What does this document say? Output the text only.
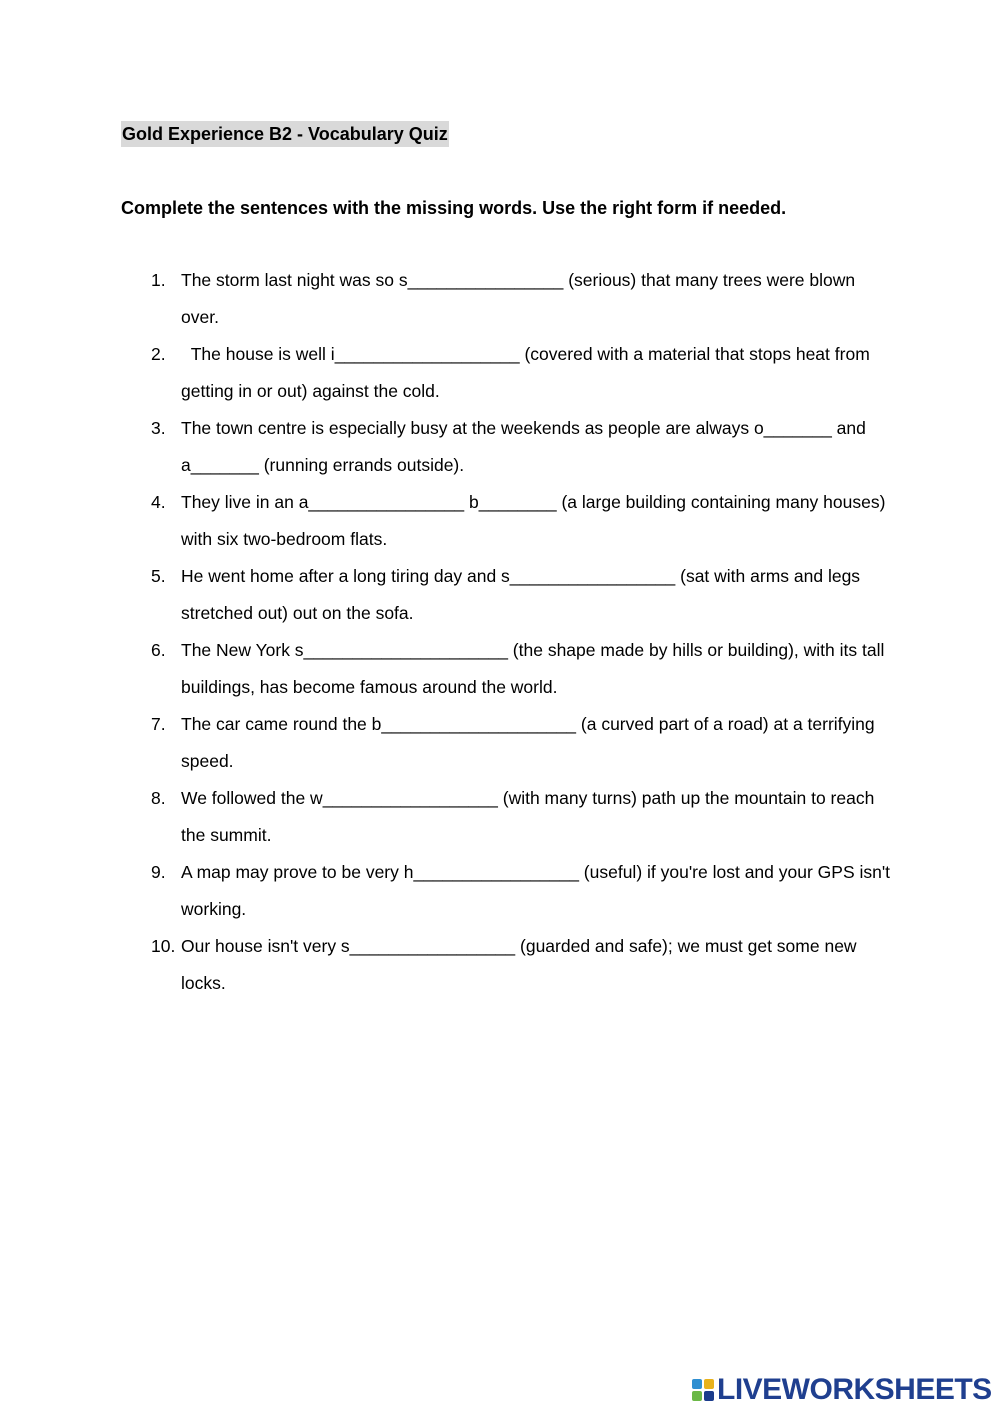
Gold Experience B2 - Vocabulary Quiz
Complete the sentences with the missing words. Use the right form if needed.
1. The storm last night was so s________________ (serious) that many trees were blown over.
2. The house is well i___________________ (covered with a material that stops heat from getting in or out) against the cold.
3. The town centre is especially busy at the weekends as people are always o_______ and a_______ (running errands outside).
4. They live in an a________________ b________ (a large building containing many houses) with six two-bedroom flats.
5. He went home after a long tiring day and s_________________ (sat with arms and legs stretched out) out on the sofa.
6. The New York s_____________________ (the shape made by hills or building), with its tall buildings, has become famous around the world.
7. The car came round the b____________________ (a curved part of a road) at a terrifying speed.
8. We followed the w__________________ (with many turns) path up the mountain to reach the summit.
9. A map may prove to be very h_________________ (useful) if you're lost and your GPS isn't working.
10. Our house isn't very s_________________ (guarded and safe); we must get some new locks.
LIVEWORKSHEETS
